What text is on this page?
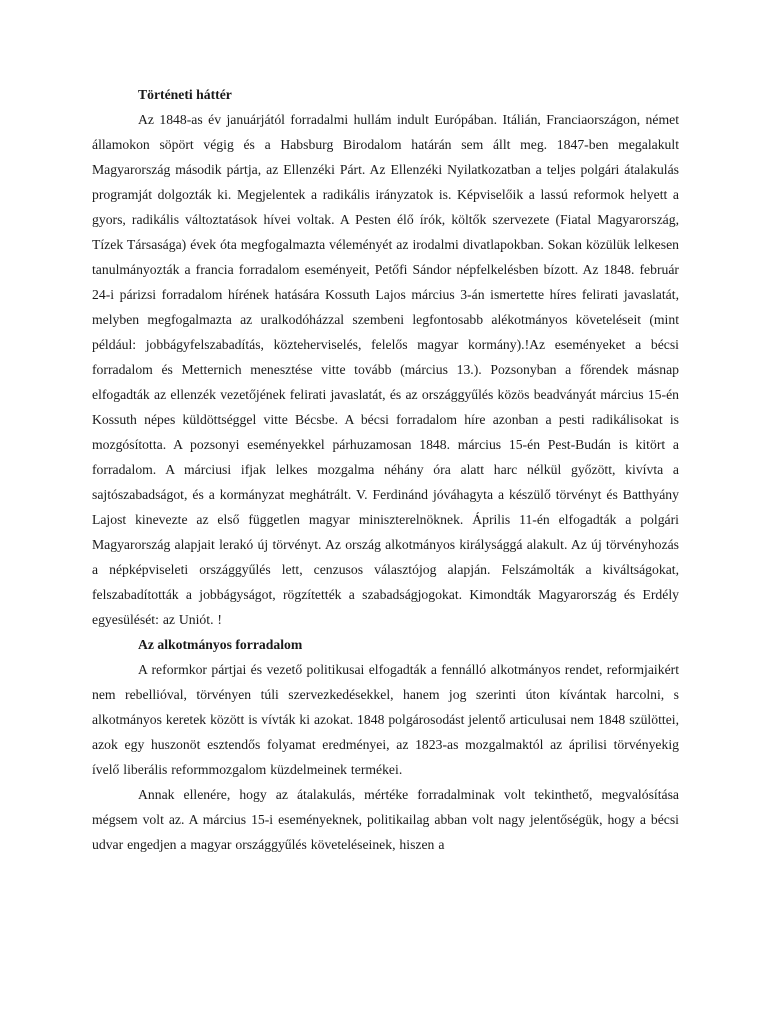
Történeti háttér

Az 1848-as év januárjától forradalmi hullám indult Európában. Itálián, Franciaországon, német államokon söpört végig és a Habsburg Birodalom határán sem állt meg. 1847-ben megalakult Magyarország második pártja, az Ellenzéki Párt. Az Ellenzéki Nyilatkozatban a teljes polgári átalakulás programját dolgozták ki. Megjelentek a radikális irányzatok is. Képviselőik a lassú reformok helyett a gyors, radikális változtatások hívei voltak. A Pesten élő írók, költők szervezete (Fiatal Magyarország, Tízek Társasága) évek óta megfogalmazta véleményét az irodalmi divatlapokban. Sokan közülük lelkesen tanulmányozták a francia forradalom eseményeit, Petőfi Sándor népfelkelésben bízott. Az 1848. február 24-i párizsi forradalom hírének hatására Kossuth Lajos március 3-án ismertette híres felirati javaslatát, melyben megfogalmazta az uralkodóházzal szembeni legfontosabb alékotmányos követeléseit (mint például: jobbágyfelszabadítás, közteherviselés, felelős magyar kormány).!Az eseményeket a bécsi forradalom és Metternich menesztése vitte tovább (március 13.). Pozsonyban a főrendek másnap elfogadták az ellenzék vezetőjének felirati javaslatát, és az országgyűlés közös beadványát március 15-én Kossuth népes küldöttséggel vitte Bécsbe. A bécsi forradalom híre azonban a pesti radikálisokat is mozgósította. A pozsonyi eseményekkel párhuzamosan 1848. március 15-én Pest-Budán is kitört a forradalom. A márciusi ifjak lelkes mozgalma néhány óra alatt harc nélkül győzött, kivívta a sajtószabadságot, és a kormányzat meghátrált. V. Ferdinánd jóváhagyta a készülő törvényt és Batthyány Lajost kinevezte az első független magyar miniszterelnöknek. Április 11-én elfogadták a polgári Magyarország alapjait lerakó új törvényt. Az ország alkotmányos királysággá alakult. Az új törvényhozás a népképviseleti országgyűlés lett, cenzusos választójog alapján. Felszámolták a kiváltságokat, felszabadították a jobbágyságot, rögzítették a szabadságjogokat. Kimondták Magyarország és Erdély egyesülését: az Uniót. !

Az alkotmányos forradalom

A reformkor pártjai és vezető politikusai elfogadták a fennálló alkotmányos rendet, reformjaikért nem rebellióval, törvényen túli szervezkedésekkel, hanem jog szerinti úton kívántak harcolni, s alkotmányos keretek között is vívták ki azokat. 1848 polgárosodást jelentő articulusai nem 1848 szülöttei, azok egy huszonöt esztendős folyamat eredményei, az 1823-as mozgalmaktól az áprilisi törvényekig ívelő liberális reformmozgalom küzdelmeinek termékei.

Annak ellenére, hogy az átalakulás, mértéke forradalminak volt tekinthető, megvalósítása mégsem volt az. A március 15-i eseményeknek, politikailag abban volt nagy jelentőségük, hogy a bécsi udvar engedjen a magyar országgyűlés követeléseinek, hiszen a
